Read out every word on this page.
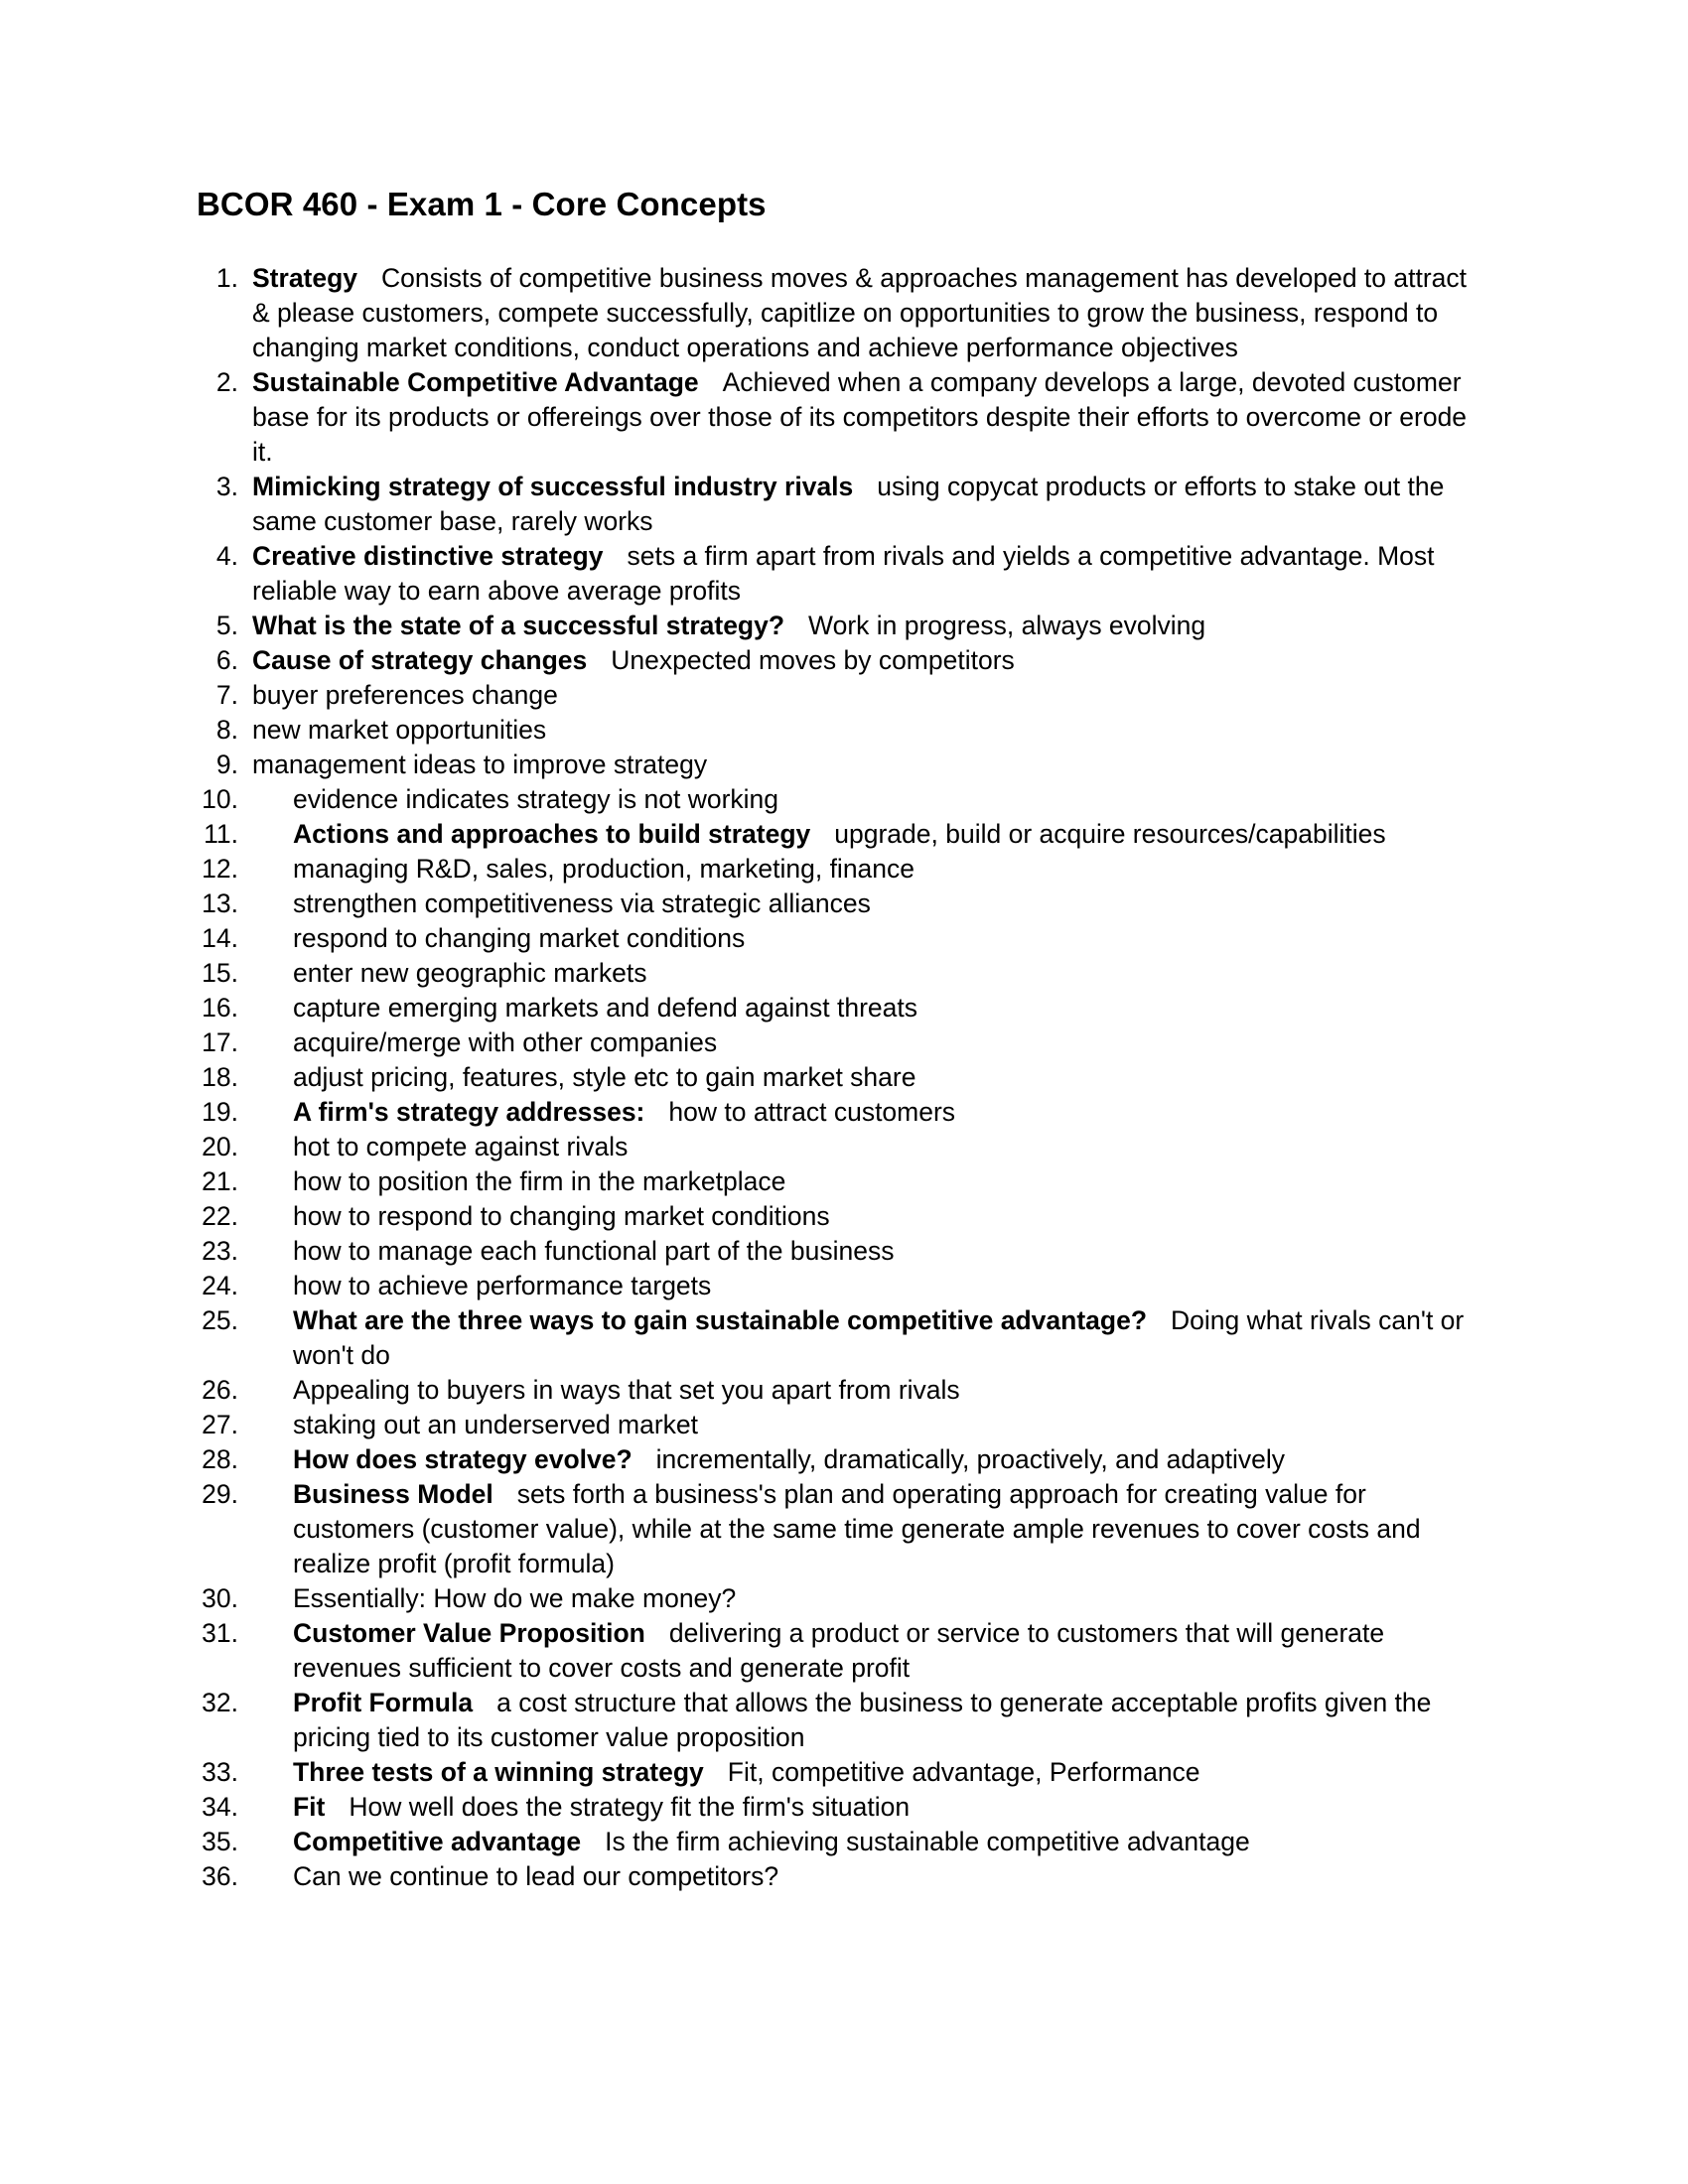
BCOR 460 - Exam 1 - Core Concepts
1. Strategy Consists of competitive business moves & approaches management has developed to attract & please customers, compete successfully, capitlize on opportunities to grow the business, respond to changing market conditions, conduct operations and achieve performance objectives
2. Sustainable Competitive Advantage Achieved when a company develops a large, devoted customer base for its products or offereings over those of its competitors despite their efforts to overcome or erode it.
3. Mimicking strategy of successful industry rivals using copycat products or efforts to stake out the same customer base, rarely works
4. Creative distinctive strategy sets a firm apart from rivals and yields a competitive advantage. Most reliable way to earn above average profits
5. What is the state of a successful strategy? Work in progress, always evolving
6. Cause of strategy changes Unexpected moves by competitors
7. buyer preferences change
8. new market opportunities
9. management ideas to improve strategy
10. evidence indicates strategy is not working
11. Actions and approaches to build strategy upgrade, build or acquire resources/capabilities
12. managing R&D, sales, production, marketing, finance
13. strengthen competitiveness via strategic alliances
14. respond to changing market conditions
15. enter new geographic markets
16. capture emerging markets and defend against threats
17. acquire/merge with other companies
18. adjust pricing, features, style etc to gain market share
19. A firm's strategy addresses: how to attract customers
20. hot to compete against rivals
21. how to position the firm in the marketplace
22. how to respond to changing market conditions
23. how to manage each functional part of the business
24. how to achieve performance targets
25. What are the three ways to gain sustainable competitive advantage? Doing what rivals can't or won't do
26. Appealing to buyers in ways that set you apart from rivals
27. staking out an underserved market
28. How does strategy evolve? incrementally, dramatically, proactively, and adaptively
29. Business Model sets forth a business's plan and operating approach for creating value for customers (customer value), while at the same time generate ample revenues to cover costs and realize profit (profit formula)
30. Essentially: How do we make money?
31. Customer Value Proposition delivering a product or service to customers that will generate revenues sufficient to cover costs and generate profit
32. Profit Formula a cost structure that allows the business to generate acceptable profits given the pricing tied to its customer value proposition
33. Three tests of a winning strategy Fit, competitive advantage, Performance
34. Fit How well does the strategy fit the firm's situation
35. Competitive advantage Is the firm achieving sustainable competitive advantage
36. Can we continue to lead our competitors?
